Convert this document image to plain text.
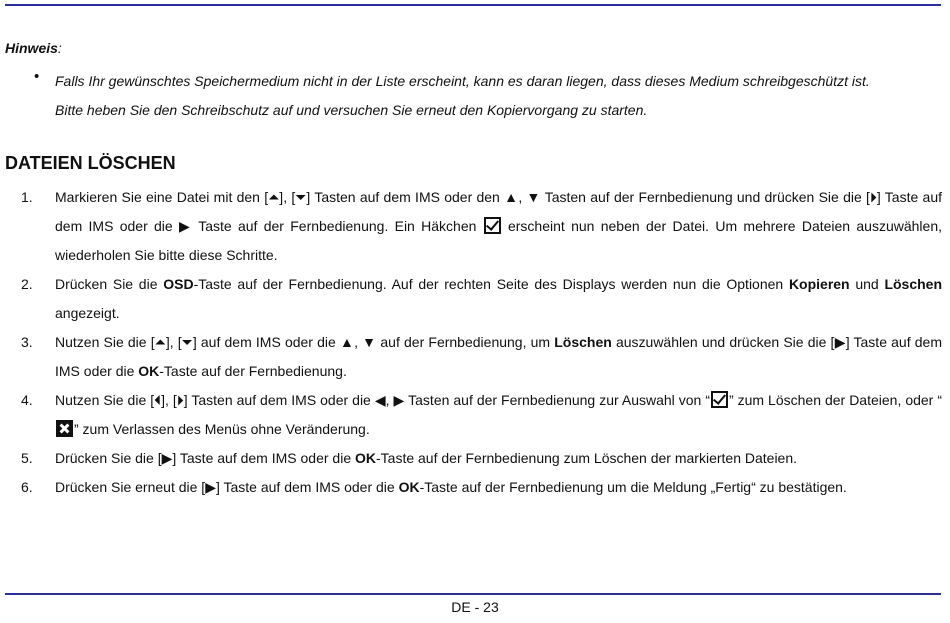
Hinweis:
• Falls Ihr gewünschtes Speichermedium nicht in der Liste erscheint, kann es daran liegen, dass dieses Medium schreibgeschützt ist.
Bitte heben Sie den Schreibschutz auf und versuchen Sie erneut den Kopiervorgang zu starten.
DATEIEN LÖSCHEN
1. Markieren Sie eine Datei mit den [⏶], [⏷] Tasten auf dem IMS oder den ▲, ▼ Tasten auf der Fernbedienung und drücken Sie die [⏵] Taste auf dem IMS oder die ▶ Taste auf der Fernbedienung. Ein Häkchen  erscheint nun neben der Datei. Um mehrere Dateien auszuwählen, wiederholen Sie bitte diese Schritte.
2. Drücken Sie die OSD-Taste auf der Fernbedienung. Auf der rechten Seite des Displays werden nun die Optionen Kopieren und Löschen angezeigt.
3. Nutzen Sie die [⏶], [⏷] auf dem IMS oder die ▲, ▼ auf der Fernbedienung, um Löschen auszuwählen und drücken Sie die [▶] Taste auf dem IMS oder die OK-Taste auf der Fernbedienung.
4. Nutzen Sie die [⏴], [⏵] Tasten auf dem IMS oder die ◀, ▶ Tasten auf der Fernbedienung zur Auswahl von “ ” zum Löschen der Dateien, oder “” zum Verlassen des Menüs ohne Veränderung.
5. Drücken Sie die [▶] Taste auf dem IMS oder die OK-Taste auf der Fernbedienung zum Löschen der markierten Dateien.
6. Drücken Sie erneut die [▶] Taste auf dem IMS oder die OK-Taste auf der Fernbedienung um die Meldung „Fertig“ zu bestätigen.
DE - 23
